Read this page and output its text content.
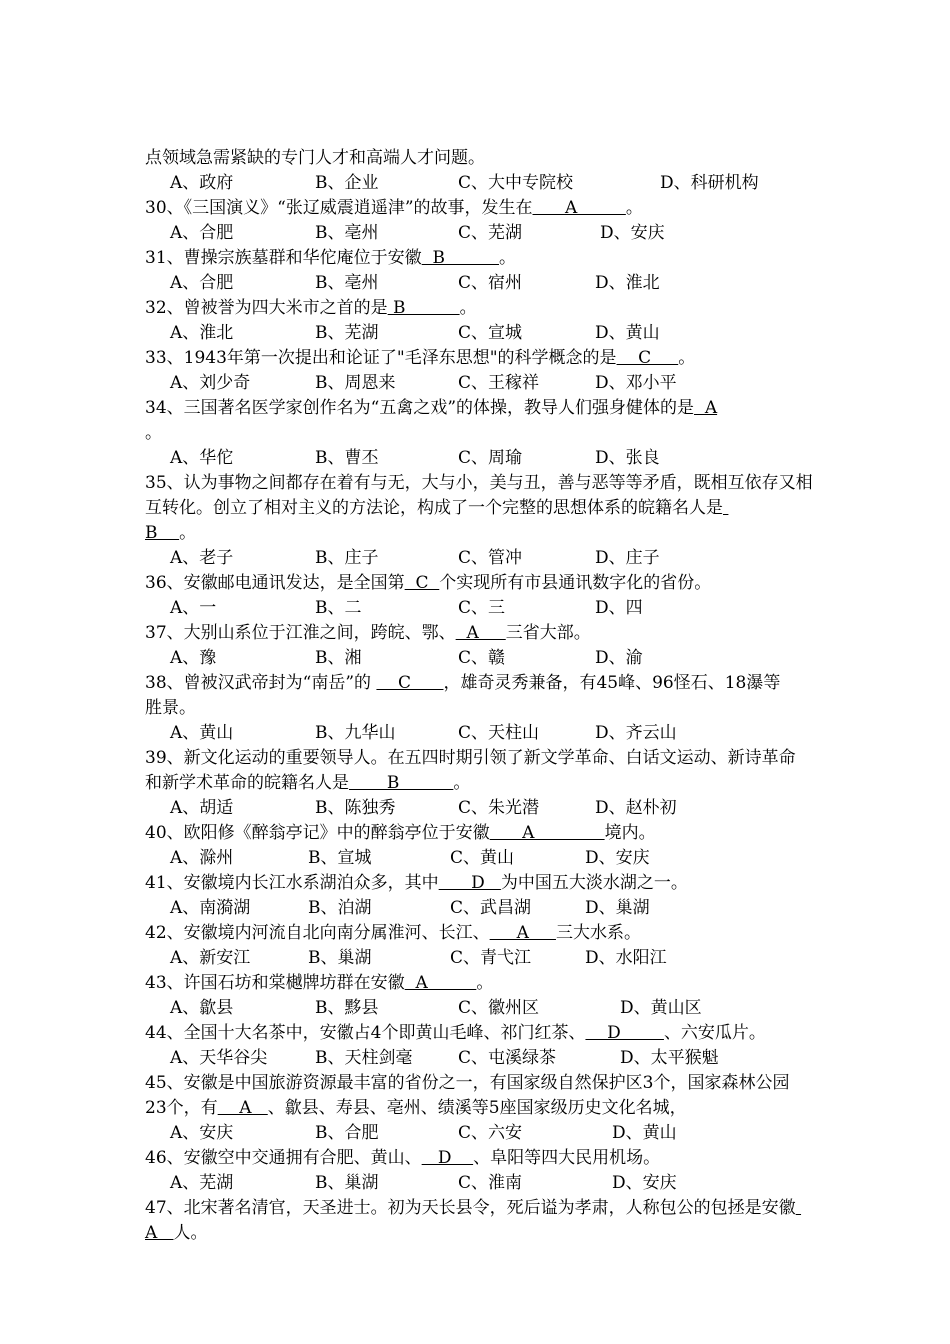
点领域急需紧缺的专门人才和高端人才问题。
A、政府	B、企业	C、大中专院校	D、科研机构
30、《三国演义》“张辽威震逍遥津”的故事，发生在      A         。
A、合肥	B、亳州	C、芜湖	D、安庆
31、曹操宗族墓群和华佗庵位于安徽  B          。
A、合肥	B、亳州	C、宿州	D、淮北
32、曾被誉为四大米市之首的是 B          。
A、淮北	B、芜湖	C、宣城	D、黄山
33、1943年第一次提出和论证了"毛泽东思想"的科学概念的是    C     。
A、刘少奇	B、周恩来	C、王稼祥	D、邓小平
34、三国著名医学家创作名为“五禽之戏”的体操，教导人们强身健体的是  A
。
A、华佗	B、曹丕	C、周瑜	D、张良
35、认为事物之间都存在着有与无，大与小，美与丑，善与恶等等矛盾，既相互依存又相
互转化。创立了相对主义的方法论，构成了一个完整的思想体系的皖籍名人是
B    。
A、老子	B、庄子	C、管冲	D、庄子
36、安徽邮电通讯发达，是全国第  C  个实现所有市县通讯数字化的省份。
A、一	B、二	C、三	D、四
37、大别山系位于江淮之间，跨皖、鄂、  A     三省大部。
A、豫	B、湘	C、赣	D、渝
38、曾被汉武帝封为“南岳”的     C      ，雄奇灵秀兼备，有45峰、96怪石、18瀑等
胜景。
A、黄山	B、九华山	C、天柱山	D、齐云山
39、新文化运动的重要领导人。在五四时期引领了新文学革命、白话文运动、新诗革命
和新学术革命的皖籍名人是       B          。
A、胡适	B、陈独秀	C、朱光潜	D、赵朴初
40、欧阳修《醉翁亭记》中的醉翁亭位于安徽      A             境内。
A、滁州	B、宣城	C、黄山	D、安庆
41、安徽境内长江水系湖泊众多，其中      D   为中国五大淡水湖之一。
A、南漪湖	B、泊湖	C、武昌湖	D、巢湖
42、安徽境内河流自北向南分属淮河、长江、     A     三大水系。
A、新安江	B、巢湖	C、青弋江	D、水阳江
43、许国石坊和棠樾牌坊群在安徽  A         。
A、歙县	B、黟县	C、徽州区	D、黄山区
44、全国十大名茶中，安徽占4个即黄山毛峰、祁门红茶、    D        、六安瓜片。
A、天华谷尖	B、天柱剑毫	C、屯溪绿茶	D、太平猴魁
45、安徽是中国旅游资源最丰富的省份之一，有国家级自然保护区3个，国家森林公园
23个，有    A   、歙县、寿县、亳州、绩溪等5座国家级历史文化名城，
A、安庆	B、合肥	C、六安	D、黄山
46、安徽空中交通拥有合肥、黄山、   D    、阜阳等四大民用机场。
A、芜湖	B、巢湖	C、淮南	D、安庆
47、北宋著名清官，天圣进士。初为天长县令，死后谥为孝肃，人称包公的包拯是安徽
A   人。
